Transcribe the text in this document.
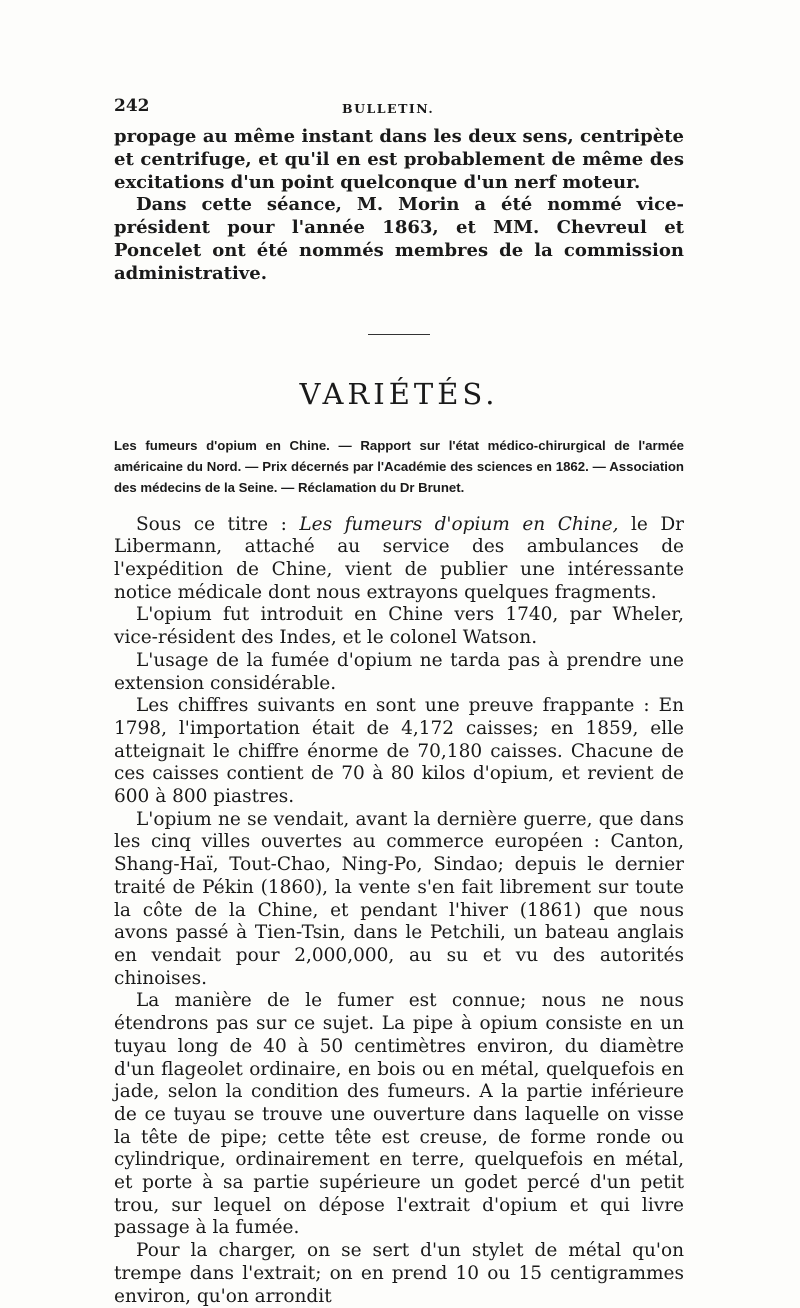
242	BULLETIN.

propage au même instant dans les deux sens, centripète et centrifuge, et qu'il en est probablement de même des excitations d'un point quelconque d'un nerf moteur.

Dans cette séance, M. Morin a été nommé vice-président pour l'année 1863, et MM. Chevreul et Poncelet ont été nommés membres de la commission administrative.

VARIÉTÉS.

Les fumeurs d'opium en Chine. — Rapport sur l'état médico-chirurgical de l'armée américaine du Nord. — Prix décernés par l'Académie des sciences en 1862. — Association des médecins de la Seine. — Réclamation du Dr Brunet.

Sous ce titre : Les fumeurs d'opium en Chine, le Dr Libermann, attaché au service des ambulances de l'expédition de Chine, vient de publier une intéressante notice médicale dont nous extrayons quelques fragments.

L'opium fut introduit en Chine vers 1740, par Wheler, vice-résident des Indes, et le colonel Watson.

L'usage de la fumée d'opium ne tarda pas à prendre une extension considérable.

Les chiffres suivants en sont une preuve frappante : En 1798, l'importation était de 4,172 caisses; en 1859, elle atteignait le chiffre énorme de 70,180 caisses. Chacune de ces caisses contient de 70 à 80 kilos d'opium, et revient de 600 à 800 piastres.

L'opium ne se vendait, avant la dernière guerre, que dans les cinq villes ouvertes au commerce européen : Canton, Shang-Haï, Tout-Chao, Ning-Po, Sindao; depuis le dernier traité de Pékin (1860), la vente s'en fait librement sur toute la côte de la Chine, et pendant l'hiver (1861) que nous avons passé à Tien-Tsin, dans le Petchili, un bateau anglais en vendait pour 2,000,000, au su et vu des autorités chinoises.

La manière de le fumer est connue; nous ne nous étendrons pas sur ce sujet. La pipe à opium consiste en un tuyau long de 40 à 50 centimètres environ, du diamètre d'un flageolet ordinaire, en bois ou en métal, quelquefois en jade, selon la condition des fumeurs. A la partie inférieure de ce tuyau se trouve une ouverture dans laquelle on visse la tête de pipe; cette tête est creuse, de forme ronde ou cylindrique, ordinairement en terre, quelquefois en métal, et porte à sa partie supérieure un godet percé d'un petit trou, sur lequel on dépose l'extrait d'opium et qui livre passage à la fumée.

Pour la charger, on se sert d'un stylet de métal qu'on trempe dans l'extrait; on en prend 10 ou 15 centigrammes environ, qu'on arrondit
